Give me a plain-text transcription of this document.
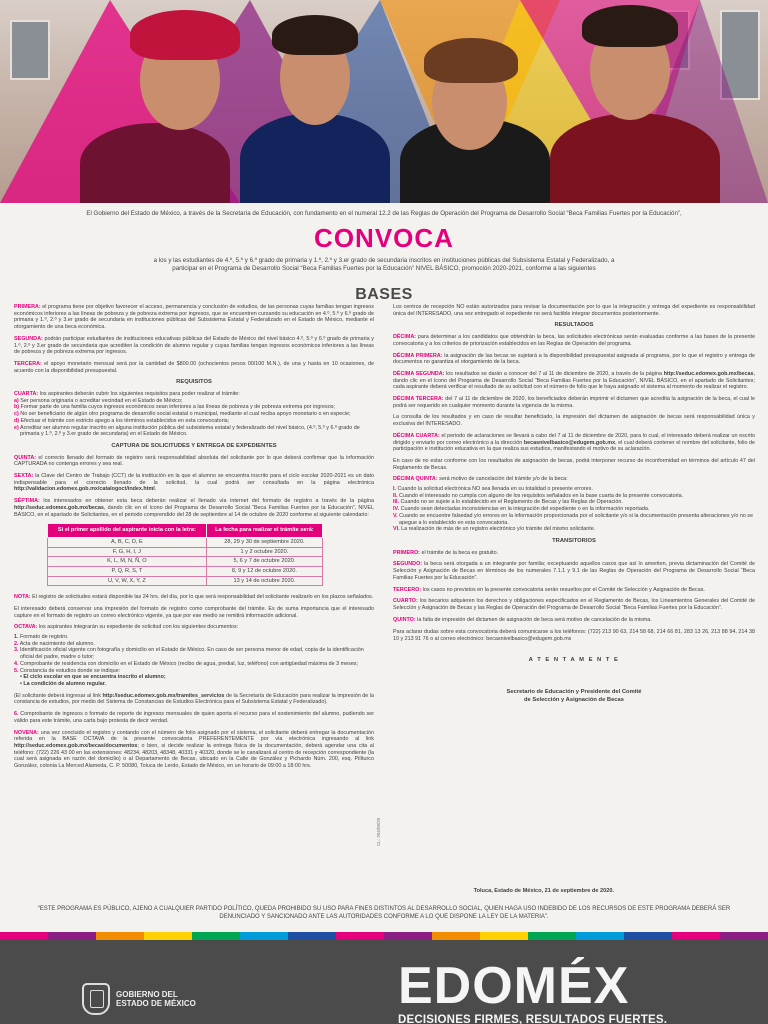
El Gobierno del Estado de México, a través de la Secretaría de Educación, con fundamento en el numeral 12.2 de las Reglas de Operación del Programa de Desarrollo Social “Beca Familias Fuertes por la Educación”,
CONVOCA
a los y las estudiantes de 4.º, 5.º y 6.º grado de primaria y 1.º, 2.º y 3.er grado de secundaria inscritos en instituciones públicas del Subsistema Estatal y Federalizado, a participar en el Programa de Desarrollo Social “Beca Familias Fuertes por la Educación” NIVEL BÁSICO, promoción 2020-2021, conforme a las siguientes
BASES

PRIMERA: el programa tiene por objetivo favorecer el acceso, permanencia y conclusión de estudios, de las personas cuyas familias tengan ingresos económicos inferiores a las líneas de pobreza y de pobreza extrema por ingresos, que se encuentren cursando su educación en 4.º, 5.º y 6.º grado de primaria y 1.º, 2.º y 3.er grado de secundaria en instituciones públicas del Subsistema Estatal y Federalizado en el Estado de México, mediante el otorgamiento de una beca económica.

SEGUNDA: podrán participar estudiantes de instituciones educativas públicas del Estado de México del nivel básico 4.º, 5.º y 6.º grado de primaria y 1.º, 2.º y 3.er grado de secundaria que acrediten la condición de alumno regular y cuyas familias tengan ingresos económicos inferiores a las líneas de pobreza y de pobreza extrema por ingresos.

TERCERA: el apoyo monetario mensual será por la cantidad de $800.00 (ochocientos pesos 00/100 M.N.), de una y hasta en 10 ocasiones, de acuerdo con la disponibilidad presupuestal.

REQUISITOS

CUARTA: los aspirantes deberán cubrir los siguientes requisitos para poder realizar el trámite:

a) Ser persona originaria o acreditar vecindad en el Estado de México;
b) Formar parte de una familia cuyos ingresos económicos sean inferiores a las líneas de pobreza y de pobreza extrema por ingresos;
c) No ser beneficiario de algún otro programa de desarrollo social estatal o municipal, mediante el cual reciba apoyo monetario o en especie;
d) Efectuar el trámite con estricto apego a los términos establecidos en esta convocatoria;
e) Acreditar ser alumno regular inscrito en alguna institución pública del subsistema estatal y federalizado del nivel básico, (4.º, 5.º y 6.º grado de primaria y 1.º, 2.º y 3.er grado de secundaria) en el Estado de México.
CAPTURA DE SOLICITUDES Y ENTREGA DE EXPEDIENTES

QUINTA: el correcto llenado del formato de registro será responsabilidad absoluta del solicitante por lo que deberá confirmar que la información CAPTURADA no contenga errores y sea real.

SEXTA: la Clave del Centro de Trabajo (CCT) de la institución en la que el alumno se encuentra inscrito para el ciclo escolar 2020-2021 es un dato indispensable para el correcto llenado de la solicitud, la cual podrá ser consultada en la página electrónica http://validacion.edomex.gob.mx/catalogoct/index.html.

SÉPTIMA: los interesados en obtener esta beca deberán realizar el llenado vía internet del formato de registro a través de la página http://seduc.edomex.gob.mx/becas, dando clic en el ícono del Programa de Desarrollo Social “Beca Familias Fuertes por la Educación”, NIVEL BÁSICO, en el apartado de Solicitantes, en el periodo comprendido del 28 de septiembre al 14 de octubre de 2020 conforme al siguiente calendario:

Si el primer apellido del aspirante inicia con la letra:	La fecha para realizar el trámite será:
A, B, C, D, E	28, 29 y 30 de septiembre 2020.
F, G, H, I, J	1 y 2 octubre 2020.
K, L, M, N, Ñ, O	5, 6 y 7 de octubre 2020.
P, Q, R, S, T	8, 9 y 12 de octubre 2020.
U, V, W, X, Y, Z	13 y 14 de octubre 2020.

NOTA: El registro de solicitudes estará disponible las 24 hrs. del día, por lo que será responsabilidad del solicitante realizarlo en los plazos señalados.

El interesado deberá conservar una impresión del formato de registro como comprobante del trámite. Es de suma importancia que el interesado capture en el formato de registro un correo electrónico vigente, ya que por ese medio se remitirá información adicional.

OCTAVA: los aspirantes integrarán su expediente de solicitud con los siguientes documentos:

1. Formato de registro.
2. Acta de nacimiento del alumno.
3. Identificación oficial vigente con fotografía y domicilio en el Estado de México. En caso de ser persona menor de edad, copia de la identificación oficial del padre, madre o tutor;
4. Comprobante de residencia con domicilio en el Estado de México (recibo de agua, predial, luz, teléfono) con antigüedad máxima de 3 meses;
5. Constancia de estudios donde se indique:
• El ciclo escolar en que se encuentra inscrito el alumno;
• La condición de alumno regular.

(El solicitante deberá ingresar al link http://seduc.edomex.gob.mx/tramites_servicios de la Secretaría de Educación para realizar la impresión de la constancia de estudios, por medio del Sistema de Constancias de Estudios Electrónica para el Subsistema Estatal y Federalizado).

6. Comprobante de ingresos o formato de reporte de ingresos mensuales de quien aporta el recurso para el sostenimiento del alumno, pudiendo ser válido para este trámite, una carta bajo protesta de decir verdad.

NOVENA: una vez concluido el registro y contando con el número de folio asignado por el sistema, el solicitante deberá entregar la documentación referida en la BASE OCTAVA de la presente convocatoria PREFERENTEMENTE por vía electrónica ingresando al link http://seduc.edomex.gob.mx/becas/documentos; o bien, si decide realizar la entrega física de la documentación, deberá agendar una cita al teléfono: (722) 226 43 00 en las extensiones: 48234, 48203, 48348, 40331 y 40320, donde se le canalizará al centro de recepción correspondiente (la cual será asignada en razón del domicilio) o al Departamento de Becas, ubicado en la Calle de González y Pichardo Núm. 200, esq. Pilíturco González, colonia La Merced Alameda, C. P. 50080, Toluca de Lerdo, Estado de México, en un horario de 09:00 a 18:00 hrs.

Los centros de recepción NO están autorizados para revisar la documentación por lo que la integración y entrega del expediente es responsabilidad única del INTERESADO, una vez entregado el expediente no será factible integrar documentos posteriormente.

RESULTADOS

DÉCIMA: para determinar a los candidatos que obtendrán la beca, las solicitudes electrónicas serán evaluadas conforme a las bases de la presente convocatoria y a los criterios de priorización establecidos en las Reglas de Operación del programa.

DÉCIMA PRIMERA: la asignación de las becas se sujetará a la disponibilidad presupuestal asignada al programa, por lo que el registro y entrega de documentos no garantiza el otorgamiento de la beca.

DÉCIMA SEGUNDA: los resultados se darán a conocer del 7 al 11 de diciembre de 2020, a través de la página http://seduc.edomex.gob.mx/becas, dando clic en el ícono del Programa de Desarrollo Social “Beca Familias Fuertes por la Educación”, NIVEL BÁSICO, en el apartado de Solicitantes; cada aspirante deberá verificar el resultado de su solicitud con el número de folio que le haya asignado el sistema al momento de realizar el registro.

DÉCIMA TERCERA: del 7 al 11 de diciembre de 2020, los beneficiados deberán imprimir el dictamen que acredita la asignación de la beca, el cual le podrá ser requerido en cualquier momento durante la vigencia de la misma.

La consulta de los resultados y en caso de resultar beneficiado, la impresión del dictamen de asignación de becas será responsabilidad única y exclusiva del INTERESADO.

DÉCIMA CUARTA: el periodo de aclaraciones se llevará a cabo del 7 al 11 de diciembre de 2020, para lo cual, el interesado deberá realizar un escrito dirigido y enviarlo por correo electrónico a la dirección becasnivelbasico@edugem.gob.mx, el cual deberá contener el nombre del solicitante, folio de participación e institución educativa en la que realiza sus estudios, manifestando el motivo de su aclaración.

En caso de no estar conforme con los resultados de asignación de becas, podrá interponer recurso de inconformidad en términos del artículo 47 del Reglamento de Becas.

DÉCIMA QUINTA: será motivo de cancelación del trámite y/o de la beca:

I. Cuando la solicitud electrónica NO sea llenada en su totalidad o presente errores.
II. Cuando el interesado no cumpla con alguno de los requisitos señalados en la base cuarta de la presente convocatoria.
III. Cuando no se sujete a lo establecido en el Reglamento de Becas y las Reglas de Operación.
IV. Cuando sean detectadas inconsistencias en la integración del expediente o en la información reportada.
V. Cuando se encuentre falsedad y/o errores en la información proporcionada por el solicitante y/o si la documentación presenta alteraciones y/o no se apegue a lo establecido en esta convocatoria.
VI. La realización de más de un registro electrónico y/o trámite del mismo solicitante.
TRANSITORIOS

PRIMERO: el trámite de la beca es gratuito.

SEGUNDO: la beca será otorgada a un integrante por familia; exceptuando aquellos casos que así lo ameriten, previa dictaminación del Comité de Selección y Asignación de Becas en términos de los numerales 7.1.1 y 9.1 de las Reglas de Operación del Programa de Desarrollo Social “Beca Familias Fuertes por la Educación”.

TERCERO: los casos no previstos en la presente convocatoria serán resueltos por el Comité de Selección y Asignación de Becas.

CUARTO: los becarios adquieren los derechos y obligaciones especificados en el Reglamento de Becas, los Lineamientos Generales del Comité de Selección y Asignación de Becas y las Reglas de Operación del Programa de Desarrollo Social “Beca Familias Fuertes por la Educación”.

QUINTO: la falta de impresión del dictamen de asignación de beca será motivo de cancelación de la misma.

Para aclarar dudas sobre esta convocatoria deberá comunicarse a los teléfonos: (722) 213 90 63, 214 58 68, 214 66 81, 283 13 26, 213 88 94, 214 38 10 y 213 91 76 o al correo electrónico: becasnivelbasico@edugem.gob.mx

A T E N T A M E N T E
Secretario de Educación y Presidente del Comité
de Selección y Asignación de Becas
CL: 204/09/20
Toluca, Estado de México, 21 de septiembre de 2020.
“ESTE PROGRAMA ES PÚBLICO, AJENO A CUALQUIER PARTIDO POLÍTICO, QUEDA PROHIBIDO SU USO PARA FINES DISTINTOS AL DESARROLLO SOCIAL, QUIEN HAGA USO INDEBIDO DE LOS RECURSOS DE ESTE PROGRAMA DEBERÁ SER DENUNCIADO Y SANCIONADO ANTE LAS AUTORIDADES CONFORME A LO QUE DISPONE LA LEY DE LA MATERIA”.
GOBIERNO DEL
ESTADO DE MÉXICO	EDOMÉX
DECISIONES FIRMES, RESULTADOS FUERTES.
